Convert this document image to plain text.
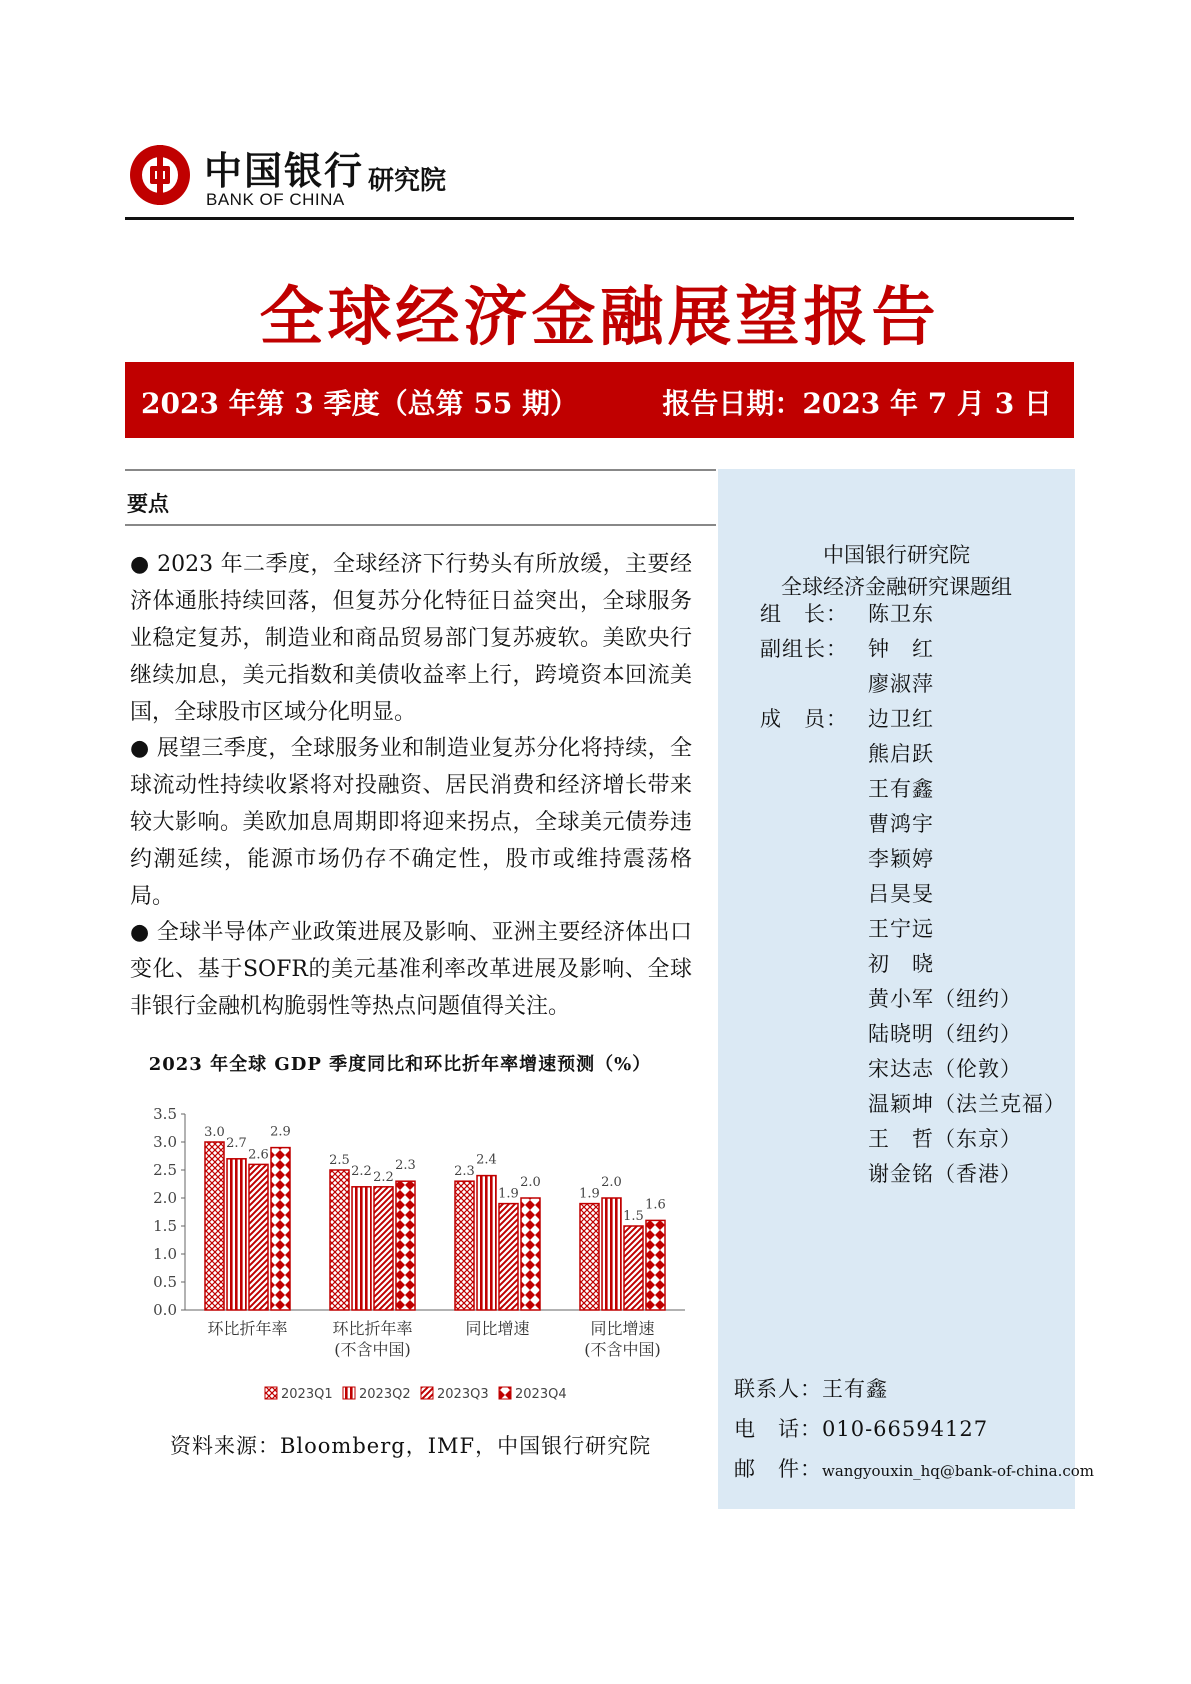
中国银行
BANK OF CHINA
研究院
全球经济金融展望报告
2023 年第 3 季度（总第 55 期）	报告日期：2023 年 7 月 3 日
要点
● 2023 年二季度，全球经济下行势头有所放缓，主要经济体通胀持续回落，但复苏分化特征日益突出，全球服务业稳定复苏，制造业和商品贸易部门复苏疲软。美欧央行继续加息，美元指数和美债收益率上行，跨境资本回流美国，全球股市区域分化明显。
● 展望三季度，全球服务业和制造业复苏分化将持续，全球流动性持续收紧将对投融资、居民消费和经济增长带来较大影响。美欧加息周期即将迎来拐点，全球美元债券违约潮延续，能源市场仍存不确定性，股市或维持震荡格局。
● 全球半导体产业政策进展及影响、亚洲主要经济体出口变化、基于SOFR的美元基准利率改革进展及影响、全球非银行金融机构脆弱性等热点问题值得关注。
2023 年全球 GDP 季度同比和环比折年率增速预测（%）
0.0
0.5
1.0
1.5
2.0
2.5
3.0
3.5
3.0
2.7
2.6
2.9
环比折年率
2.5
2.2 2.2
2.3
环比折年率
(不含中国)
2.3
2.4
1.9
2.0
同比增速
1.9
2.0
1.5
1.6
同比增速
(不含中国)
2023Q1 2023Q2 2023Q3 2023Q4
资料来源：Bloomberg，IMF，中国银行研究院
中国银行研究院
全球经济金融研究课题组
组　长： 陈卫东
副组长： 钟　红
廖淑萍
成　员： 边卫红
熊启跃
王有鑫
曹鸿宇
李颖婷
吕昊旻
王宁远
初　晓
黄小军（纽约）
陆晓明（纽约）
宋达志（伦敦）
温颖坤（法兰克福）
王　哲（东京）
谢金铭（香港）
联系人：王有鑫
电　话：010-66594127
邮　件：wangyouxin_hq@bank-of-china.com
